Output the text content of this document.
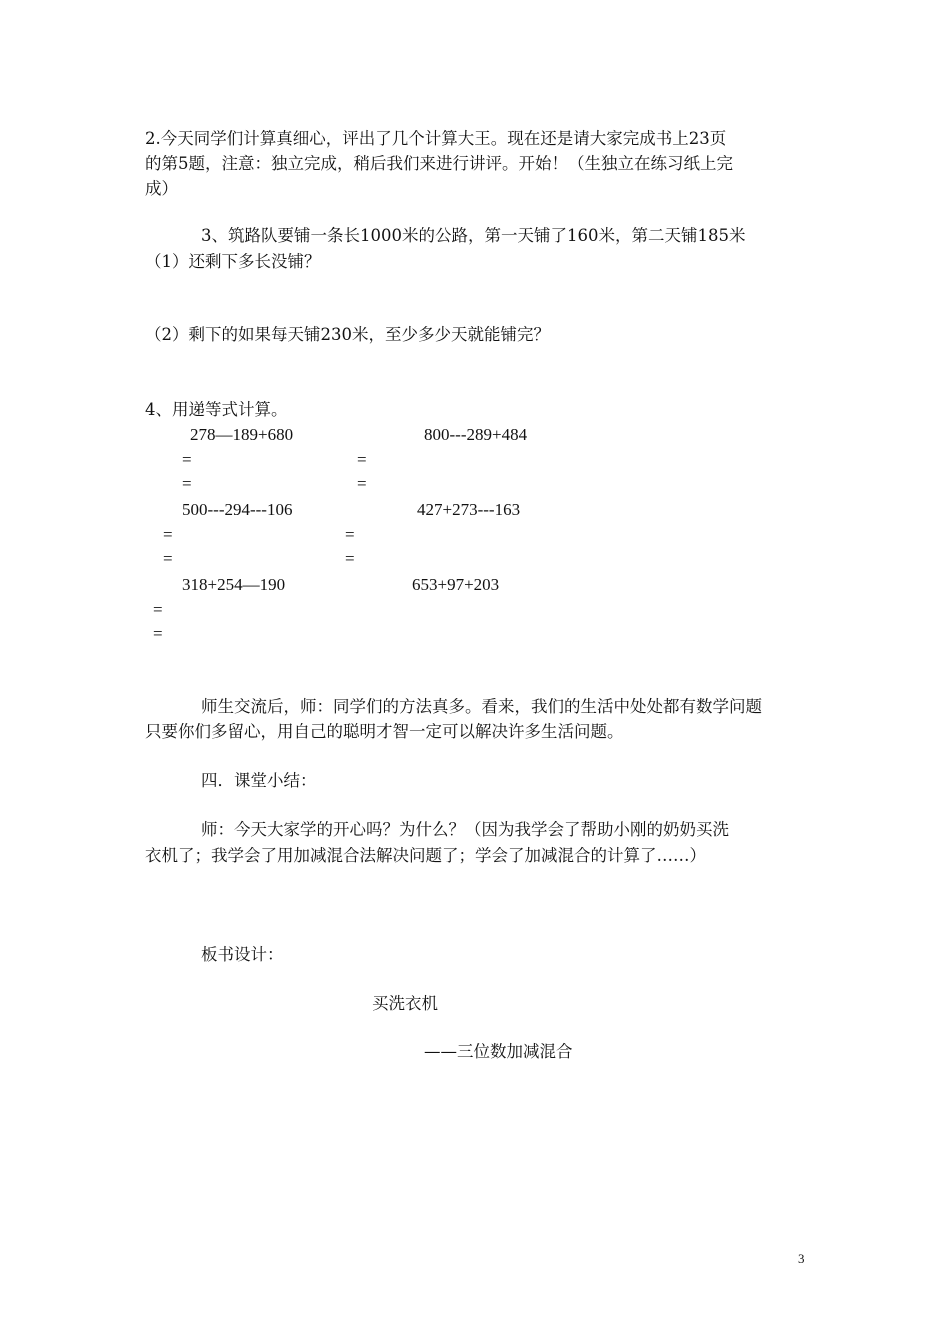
2.今天同学们计算真细心，评出了几个计算大王。现在还是请大家完成书上23页
的第5题，注意：独立完成，稍后我们来进行讲评。开始！（生独立在练习纸上完
成）
3、筑路队要铺一条长1000米的公路，第一天铺了160米，第二天铺185米
（1）还剩下多长没铺？
（2）剩下的如果每天铺230米，至少多少天就能铺完？
4、用递等式计算。
278—189+680	800---289+484
=	=
=	=
500---294---106	427+273---163
=	=
=	=
318+254—190	653+97+203
=
=
师生交流后，师：同学们的方法真多。看来，我们的生活中处处都有数学问题
只要你们多留心，用自己的聪明才智一定可以解决许多生活问题。
四．课堂小结：
师：今天大家学的开心吗？为什么？（因为我学会了帮助小刚的奶奶买洗
衣机了；我学会了用加减混合法解决问题了；学会了加减混合的计算了……）
板书设计：
买洗衣机
——三位数加减混合
3
